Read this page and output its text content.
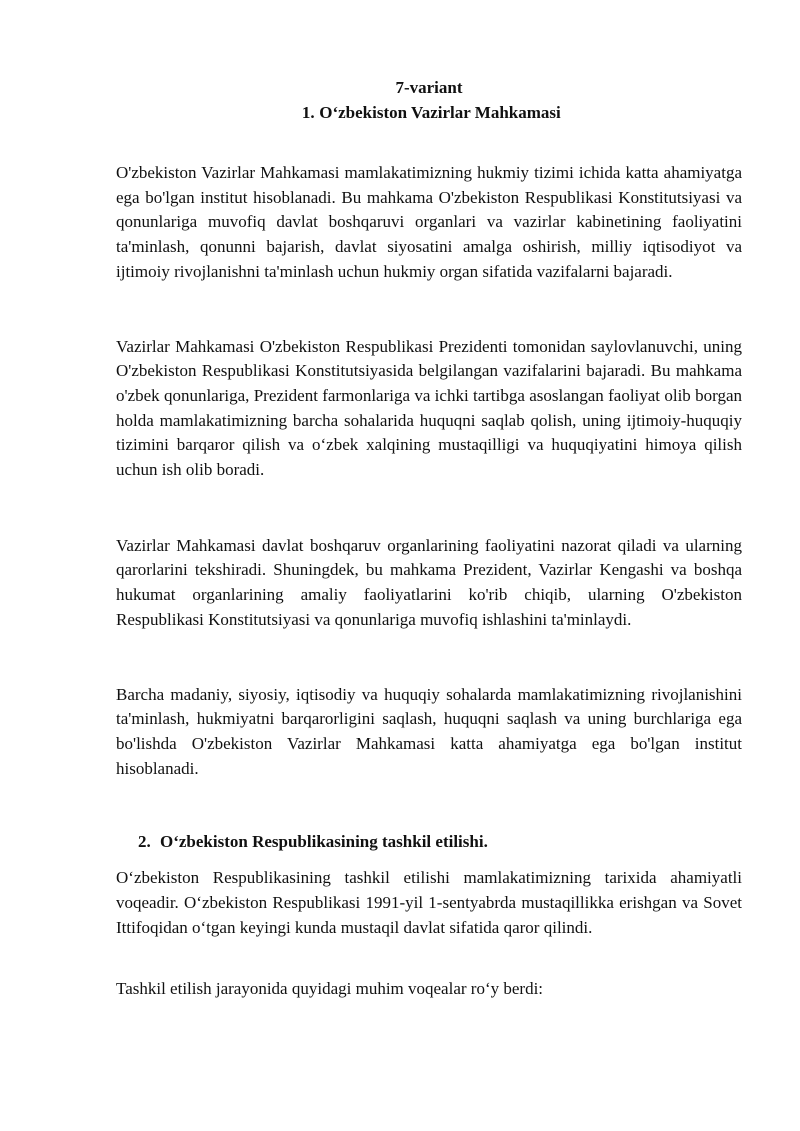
7-variant

1. O‘zbekiston Vazirlar Mahkamasi

O'zbekiston Vazirlar Mahkamasi mamlakatimizning hukmiy tizimi ichida katta ahamiyatga ega bo'lgan institut hisoblanadi. Bu mahkama O'zbekiston Respublikasi Konstitutsiyasi va qonunlariga muvofiq davlat boshqaruvi organlari va vazirlar kabinetining faoliyatini ta'minlash, qonunni bajarish, davlat siyosatini amalga oshirish, milliy iqtisodiyot va ijtimoiy rivojlanishni ta'minlash uchun hukmiy organ sifatida vazifalarni bajaradi.

Vazirlar Mahkamasi O'zbekiston Respublikasi Prezidenti tomonidan saylovlanuvchi, uning O'zbekiston Respublikasi Konstitutsiyasida belgilangan vazifalarini bajaradi. Bu mahkama o'zbek qonunlariga, Prezident farmonlariga va ichki tartibga asoslangan faoliyat olib borgan holda mamlakatimizning barcha sohalarida huquqni saqlab qolish, uning ijtimoiy-huquqiy tizimini barqaror qilish va o‘zbek xalqining mustaqilligi va huquqiyatini himoya qilish uchun ish olib boradi.

Vazirlar Mahkamasi davlat boshqaruv organlarining faoliyatini nazorat qiladi va ularning qarorlarini tekshiradi. Shuningdek, bu mahkama Prezident, Vazirlar Kengashi va boshqa hukumat organlarining amaliy faoliyatlarini ko'rib chiqib, ularning O'zbekiston Respublikasi Konstitutsiyasi va qonunlariga muvofiq ishlashini ta'minlaydi.

Barcha madaniy, siyosiy, iqtisodiy va huquqiy sohalarda mamlakatimizning rivojlanishini ta'minlash, hukmiyatni barqarorligini saqlash, huquqni saqlash va uning burchlariga ega bo'lishda O'zbekiston Vazirlar Mahkamasi katta ahamiyatga ega bo'lgan institut hisoblanadi.

2. O‘zbekiston Respublikasining tashkil etilishi.

O‘zbekiston Respublikasining tashkil etilishi mamlakatimizning tarixida ahamiyatli voqeadir. O‘zbekiston Respublikasi 1991-yil 1-sentyabrda mustaqillikka erishgan va Sovet Ittifoqidan o‘tgan keyingi kunda mustaqil davlat sifatida qaror qilindi.

Tashkil etilish jarayonida quyidagi muhim voqealar ro‘y berdi:
